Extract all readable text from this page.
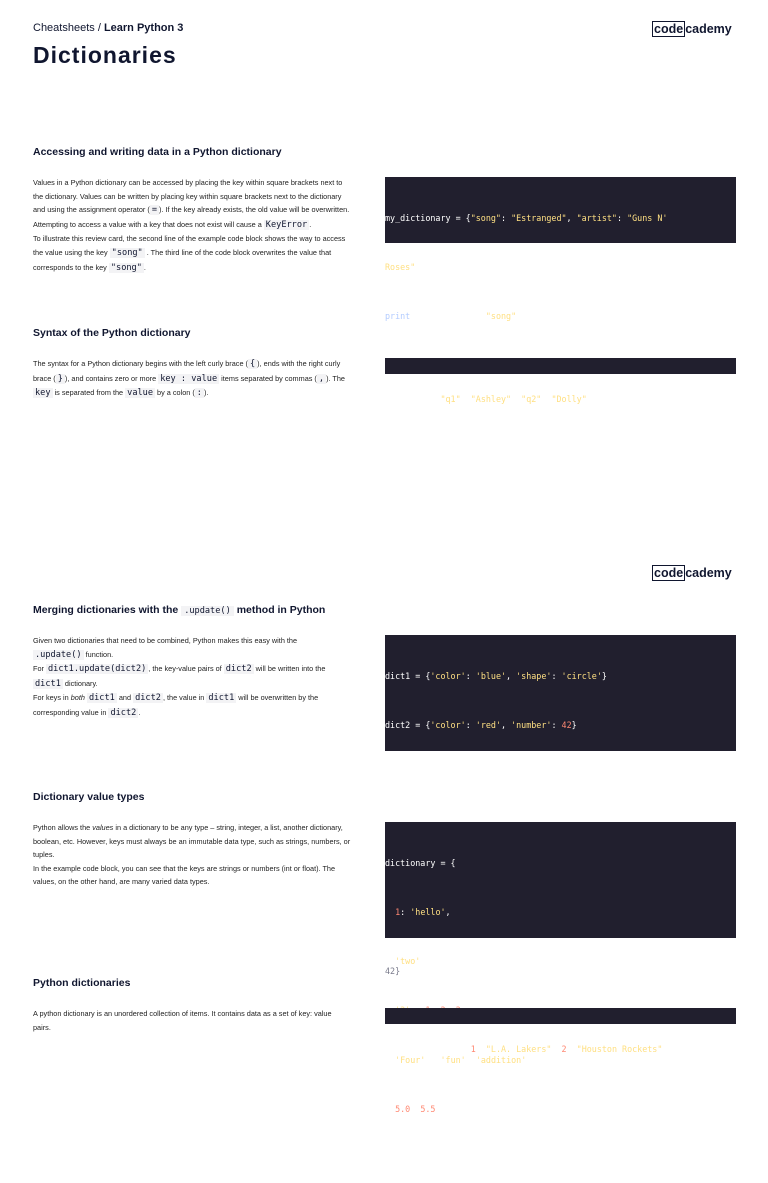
Cheatsheets / Learn Python 3
Dictionaries
code cademy
Accessing and writing data in a Python dictionary

Values in a Python dictionary can be accessed by placing the key within square brackets next to the dictionary. Values can be written by placing key within square brackets next to the dictionary and using the assignment operator ( = ). If the key already exists, the old value will be overwritten. Attempting to access a value with a key that does not exist will cause a KeyError .
To illustrate this review card, the second line of the example code block shows the way to access the value using the key "song" . The third line of the code block overwrites the value that corresponds to the key "song" .

my_dictionary = {"song": "Estranged", "artist": "Guns N'

Roses"}

print(my_dictionary["song"])

Syntax of the Python dictionary

The syntax for a Python dictionary begins with the left curly brace ( { ), ends with the right curly brace ( } ), and contains zero or more key : value items separated by commas ( , ). The key is separated from the value by a colon ( : ).

roaster = {"q1": "Ashley", "q2": "Dolly"}

code cademy
Merging dictionaries with the .update() method in Python

Given two dictionaries that need to be combined, Python makes this easy with the
.update() function.
For dict1.update(dict2) , the key-value pairs of dict2 will be written into the dict1 dictionary.
For keys in both dict1 and dict2 , the value in dict1 will be overwritten by the corresponding value in dict2 .

dict1 = {'color': 'blue', 'shape': 'circle'}

dict2 = {'color': 'red', 'number': 42}

42}

Dictionary value types

Python allows the values in a dictionary to be any type – string, integer, a list, another dictionary, boolean, etc. However, keys must always be an immutable data type, such as strings, numbers, or tuples.
In the example code block, you can see that the keys are strings or numbers (int or float). The values, on the other hand, are many varied data types.

dictionary = {

1: 'hello',

'two': True,

'Four': {'fun': 'addition'},

5.0: 5.5

}

Python dictionaries

A python dictionary is an unordered collection of items. It contains data as a set of key: value pairs.

my_dictionary = {1: "L.A. Lakers", 2: "Houston Rockets"}
